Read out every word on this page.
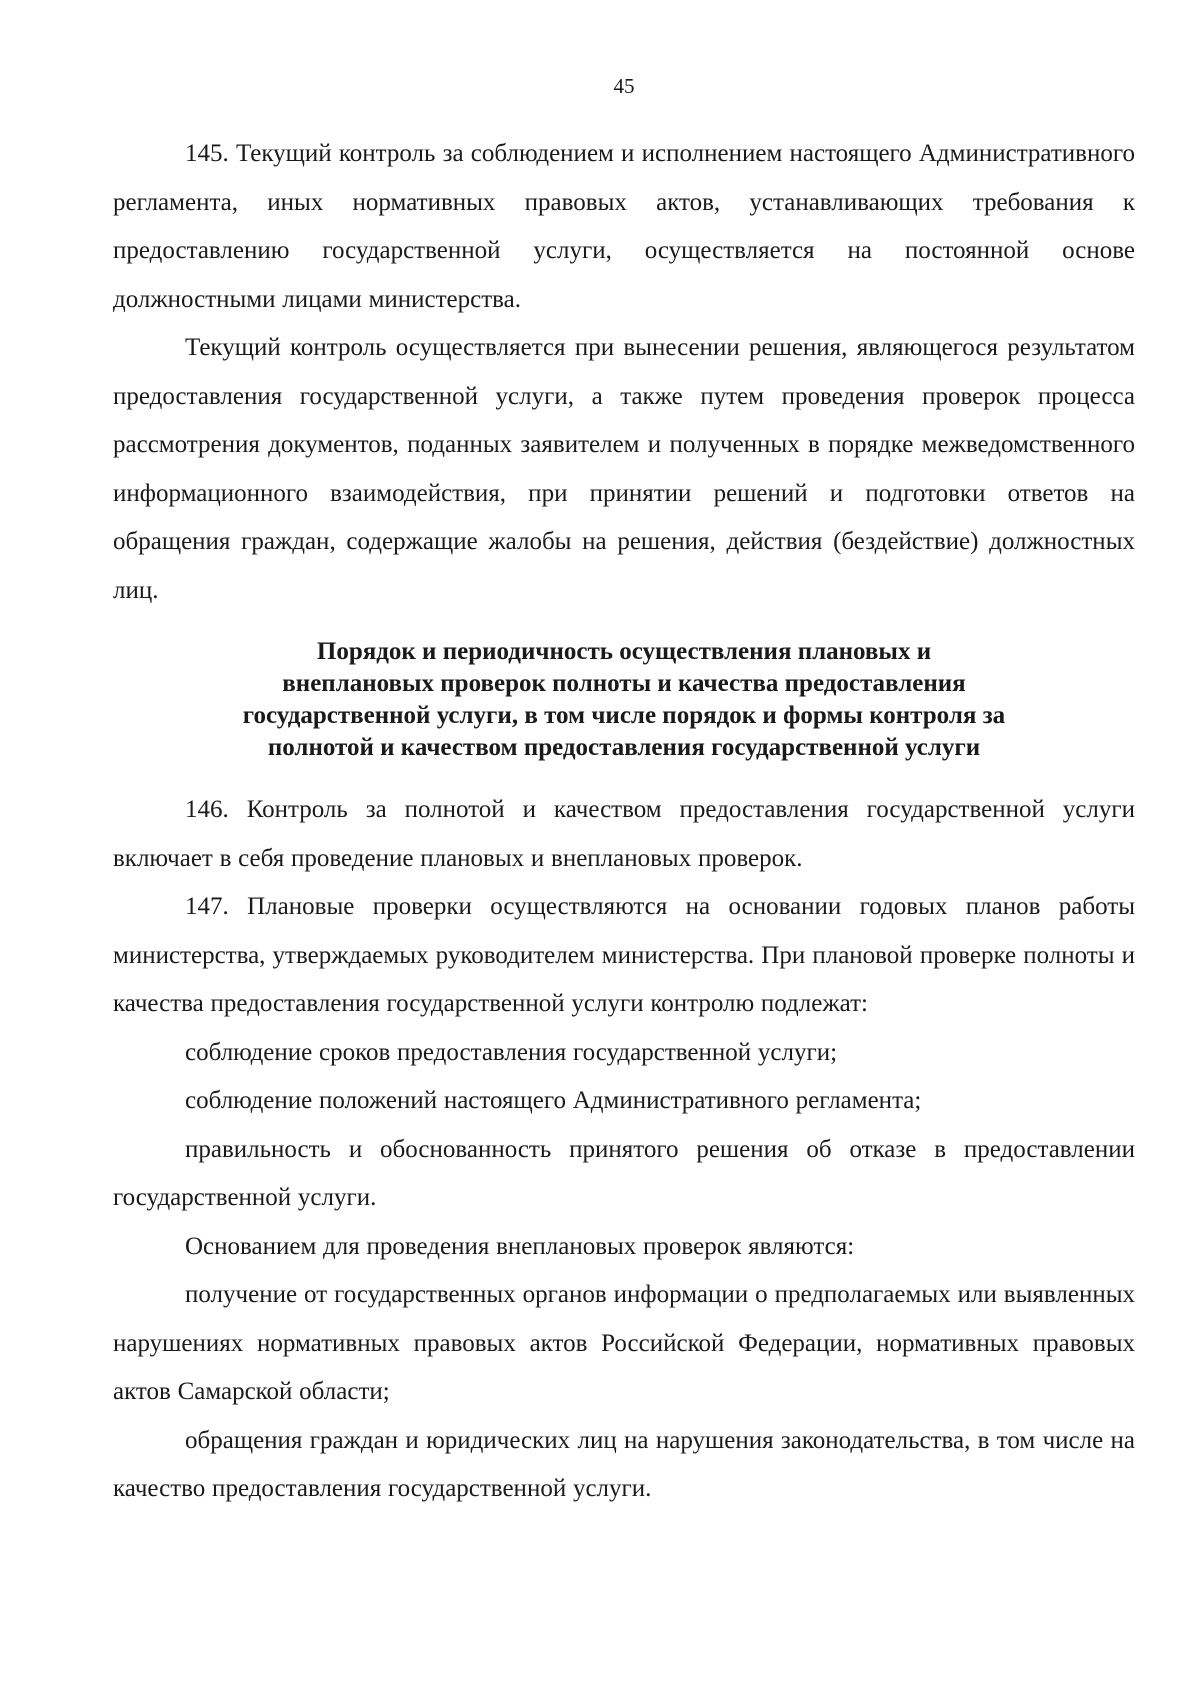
45

145. Текущий контроль за соблюдением и исполнением настоящего Административного регламента, иных нормативных правовых актов, устанавливающих требования к предоставлению государственной услуги, осуществляется на постоянной основе должностными лицами министерства.

Текущий контроль осуществляется при вынесении решения, являющегося результатом предоставления государственной услуги, а также путем проведения проверок процесса рассмотрения документов, поданных заявителем и полученных в порядке межведомственного информационного взаимодействия, при принятии решений и подготовки ответов на обращения граждан, содержащие жалобы на решения, действия (бездействие) должностных лиц.

Порядок и периодичность осуществления плановых и
внеплановых проверок полноты и качества предоставления
государственной услуги, в том числе порядок и формы контроля за
полнотой и качеством предоставления государственной услуги

146. Контроль за полнотой и качеством предоставления государственной услуги включает в себя проведение плановых и внеплановых проверок.

147. Плановые проверки осуществляются на основании годовых планов работы министерства, утверждаемых руководителем министерства. При плановой проверке полноты и качества предоставления государственной услуги контролю подлежат:

соблюдение сроков предоставления государственной услуги;

соблюдение положений настоящего Административного регламента;

правильность и обоснованность принятого решения об отказе в предоставлении государственной услуги.

Основанием для проведения внеплановых проверок являются:

получение от государственных органов информации о предполагаемых или выявленных нарушениях нормативных правовых актов Российской Федерации, нормативных правовых актов Самарской области;

обращения граждан и юридических лиц на нарушения законодательства, в том числе на качество предоставления государственной услуги.
